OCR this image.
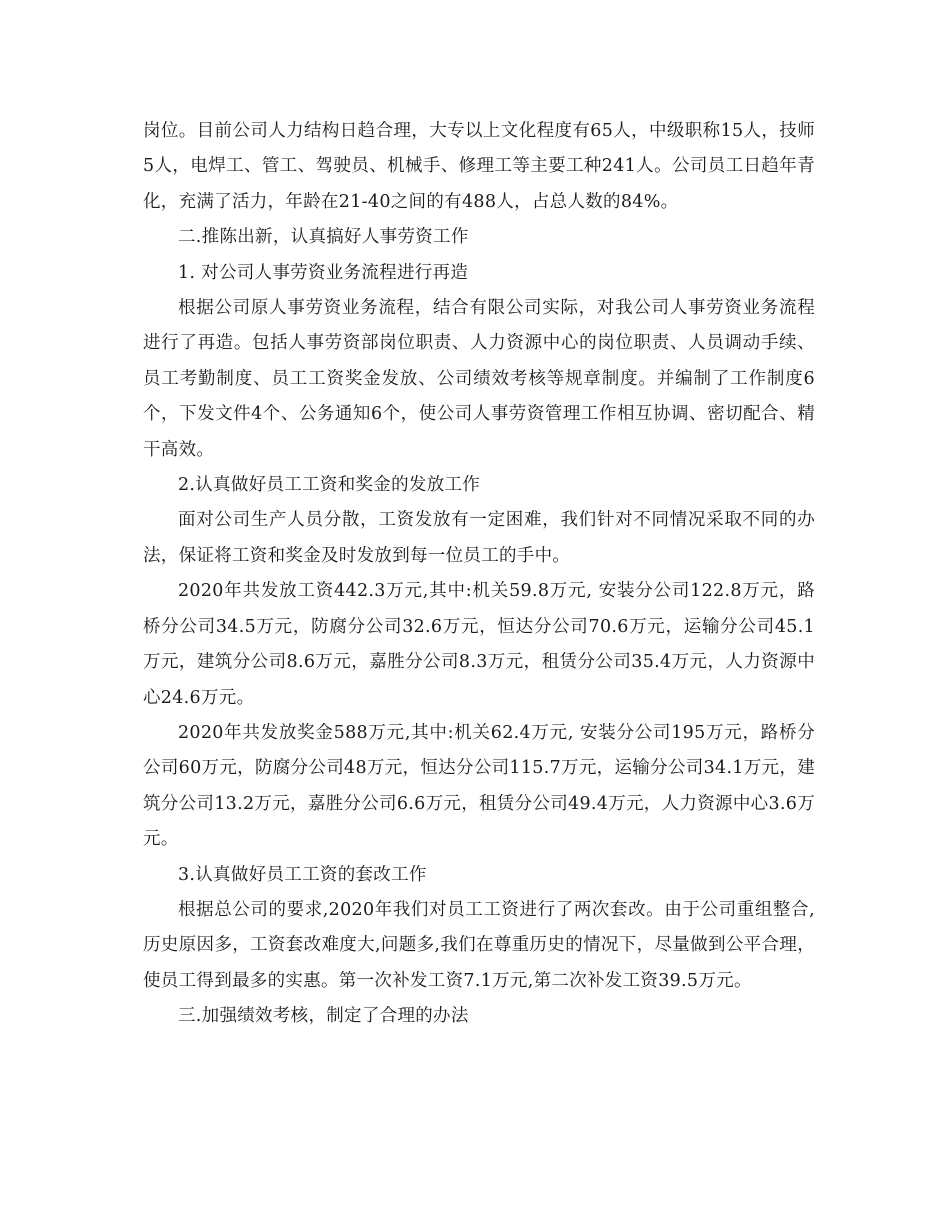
岗位。目前公司人力结构日趋合理，大专以上文化程度有65人，中级职称15人，技师5人，电焊工、管工、驾驶员、机械手、修理工等主要工种241人。公司员工日趋年青化，充满了活力，年龄在21-40之间的有488人，占总人数的84%。

二.推陈出新，认真搞好人事劳资工作

1. 对公司人事劳资业务流程进行再造

根据公司原人事劳资业务流程，结合有限公司实际，对我公司人事劳资业务流程进行了再造。包括人事劳资部岗位职责、人力资源中心的岗位职责、人员调动手续、员工考勤制度、员工工资奖金发放、公司绩效考核等规章制度。并编制了工作制度6个，下发文件4个、公务通知6个，使公司人事劳资管理工作相互协调、密切配合、精干高效。

2.认真做好员工工资和奖金的发放工作

面对公司生产人员分散，工资发放有一定困难，我们针对不同情况采取不同的办法，保证将工资和奖金及时发放到每一位员工的手中。

2020年共发放工资442.3万元,其中:机关59.8万元, 安装分公司122.8万元，路桥分公司34.5万元，防腐分公司32.6万元，恒达分公司70.6万元，运输分公司45.1万元，建筑分公司8.6万元，嘉胜分公司8.3万元，租赁分公司35.4万元，人力资源中心24.6万元。

2020年共发放奖金588万元,其中:机关62.4万元, 安装分公司195万元，路桥分公司60万元，防腐分公司48万元，恒达分公司115.7万元，运输分公司34.1万元，建筑分公司13.2万元，嘉胜分公司6.6万元，租赁分公司49.4万元，人力资源中心3.6万元。

3.认真做好员工工资的套改工作

根据总公司的要求,2020年我们对员工工资进行了两次套改。由于公司重组整合, 历史原因多，工资套改难度大,问题多,我们在尊重历史的情况下，尽量做到公平合理，使员工得到最多的实惠。第一次补发工资7.1万元,第二次补发工资39.5万元。

三.加强绩效考核，制定了合理的办法
